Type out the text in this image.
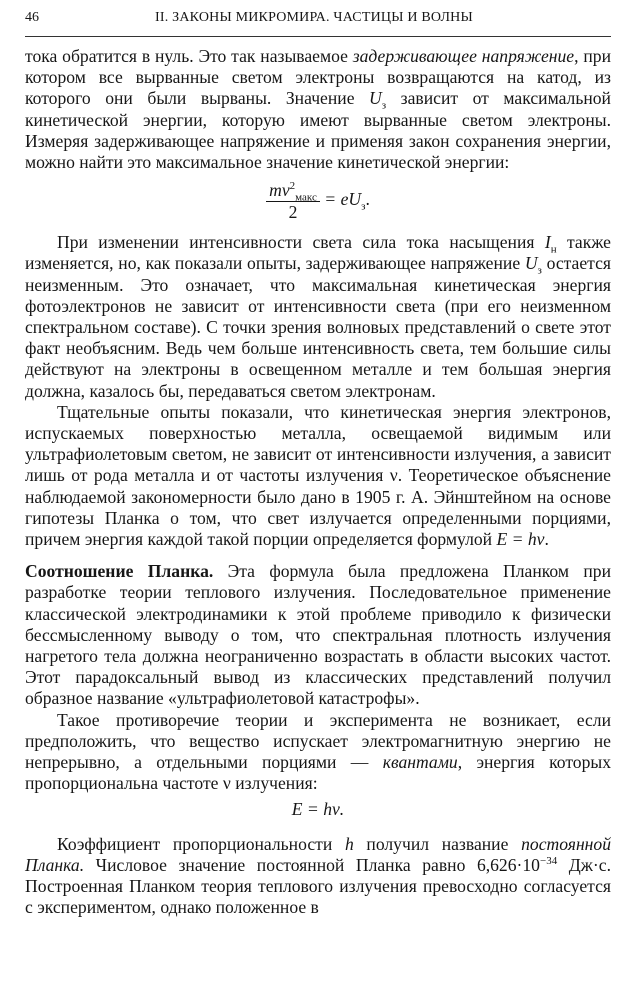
46	II. ЗАКОНЫ МИКРОМИРА. ЧАСТИЦЫ И ВОЛНЫ

тока обратится в нуль. Это так называемое задерживающее напряжение, при котором все вырванные светом электроны возвращаются на катод, из которого они были вырваны. Значение $U_з$ зависит от максимальной кинетической энергии, которую имеют вырванные светом электроны. Измеряя задерживающее напряжение и применяя закон сохранения энергии, можно найти это максимальное значение кинетической энергии:

$\frac{mv^2_{макс}}{2} = eU_з$.

При изменении интенсивности света сила тока насыщения $I_н$ также изменяется, но, как показали опыты, задерживающее напряжение $U_з$ остается неизменным. Это означает, что максимальная кинетическая энергия фотоэлектронов не зависит от интенсивности света (при его неизменном спектральном составе). С точки зрения волновых представлений о свете этот факт необъясним. Ведь чем больше интенсивность света, тем большие силы действуют на электроны в освещенном металле и тем большая энергия должна, казалось бы, передаваться светом электронам.

Тщательные опыты показали, что кинетическая энергия электронов, испускаемых поверхностью металла, освещаемой видимым или ультрафиолетовым светом, не зависит от интенсивности излучения, а зависит лишь от рода металла и от частоты излучения ν. Теоретическое объяснение наблюдаемой закономерности было дано в 1905 г. А. Эйнштейном на основе гипотезы Планка о том, что свет излучается определенными порциями, причем энергия каждой такой порции определяется формулой E = hν.

Соотношение Планка. Эта формула была предложена Планком при разработке теории теплового излучения. Последовательное применение классической электродинамики к этой проблеме приводило к физически бессмысленному выводу о том, что спектральная плотность излучения нагретого тела должна неограниченно возрастать в области высоких частот. Этот парадоксальный вывод из классических представлений получил образное название «ультрафиолетовой катастрофы».

Такое противоречие теории и эксперимента не возникает, если предположить, что вещество испускает электромагнитную энергию не непрерывно, а отдельными порциями — квантами, энергия которых пропорциональна частоте ν излучения:

E = hν.

Коэффициент пропорциональности h получил название постоянной Планка. Числовое значение постоянной Планка равно $6,626\cdot 10^{-34}$ Дж·с. Построенная Планком теория теплового излучения превосходно согласуется с экспериментом, однако положенное в
